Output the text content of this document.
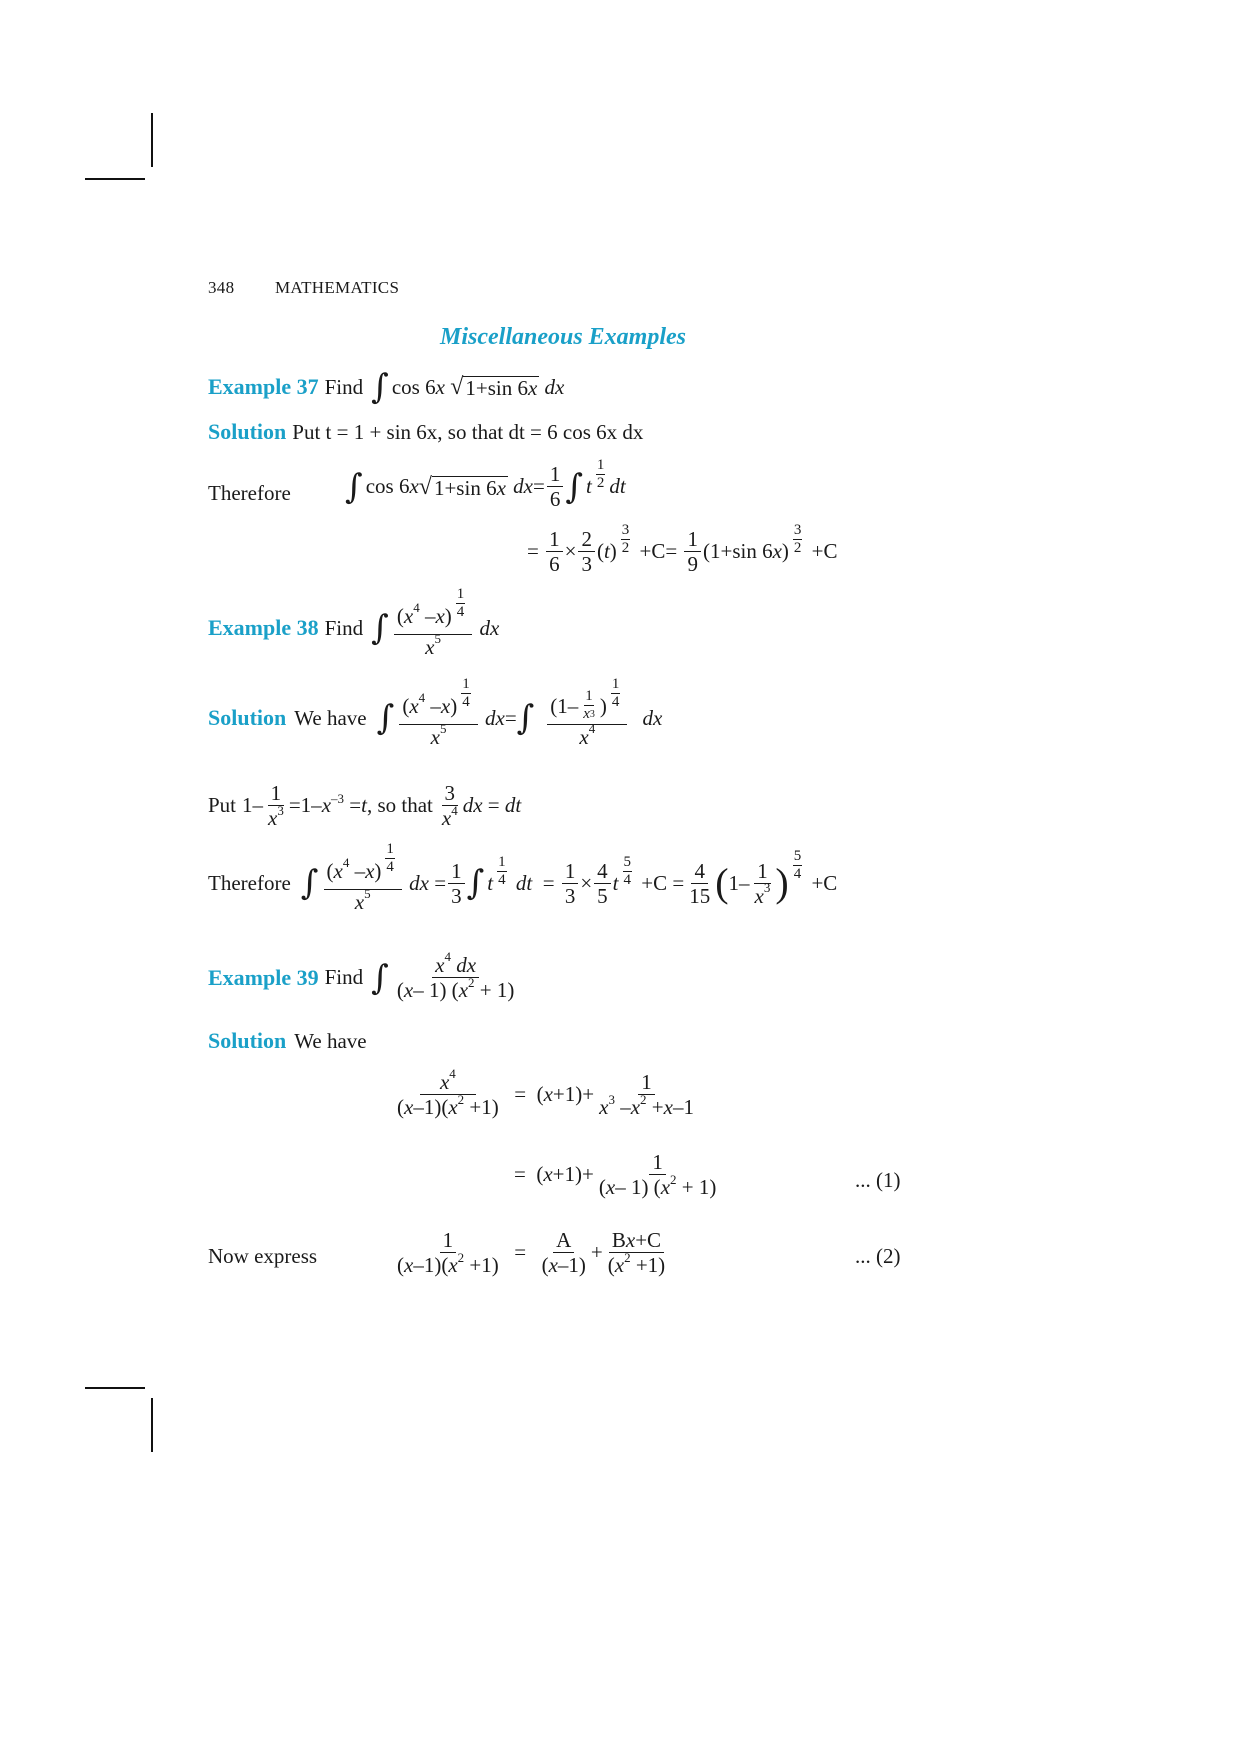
348 MATHEMATICS
Miscellaneous Examples
Example 37 Find ∫ cos 6 x
√ 1+sin 6x
dx
Solution Put t = 1 + sin 6x, so that dt = 6 cos 6x dx
Therefore ∫ cos 6 x √ 1+sin 6x
dx =
1
6 ∫ t
1
2 dt
=
1
6
×
2
3
( t )
3
2 +C=
1
9
(1+sin 6 x )
3
2 +C
Example 38 Find ∫ ( x 4 – x )
1
4
x 5
dx
Solution We have ∫ ( x 4 – x )
1
4
x 5
dx = ∫ (1– 1
x 3 )
1
4
x 4
dx
Put 1–
1
x 3 =1– x –3 = t , so that
3
x 4 dx = dt
Therefore ∫ ( x 4 – x )
1
4
x 5
dx =
1
3 ∫ t
1
4
dt =
1
3
×
4
5
t
5
4 +C =
4
15 ( 1–
1
x 3 )
5
4 +C
Example 39 Find ∫ x 4
dx
( x – 1) ( x 2 + 1)
Solution We have
x 4
( x –1)( x 2 +1)
=  ( x +1)+
1
x 3 – x 2 + x –1
=  ( x +1)+
1
( x – 1) ( x 2 + 1)	... (1)
Now express
1
( x –1)( x 2 +1)
=
A
( x –1)
+
B x +C
( x 2 +1)	... (2)
